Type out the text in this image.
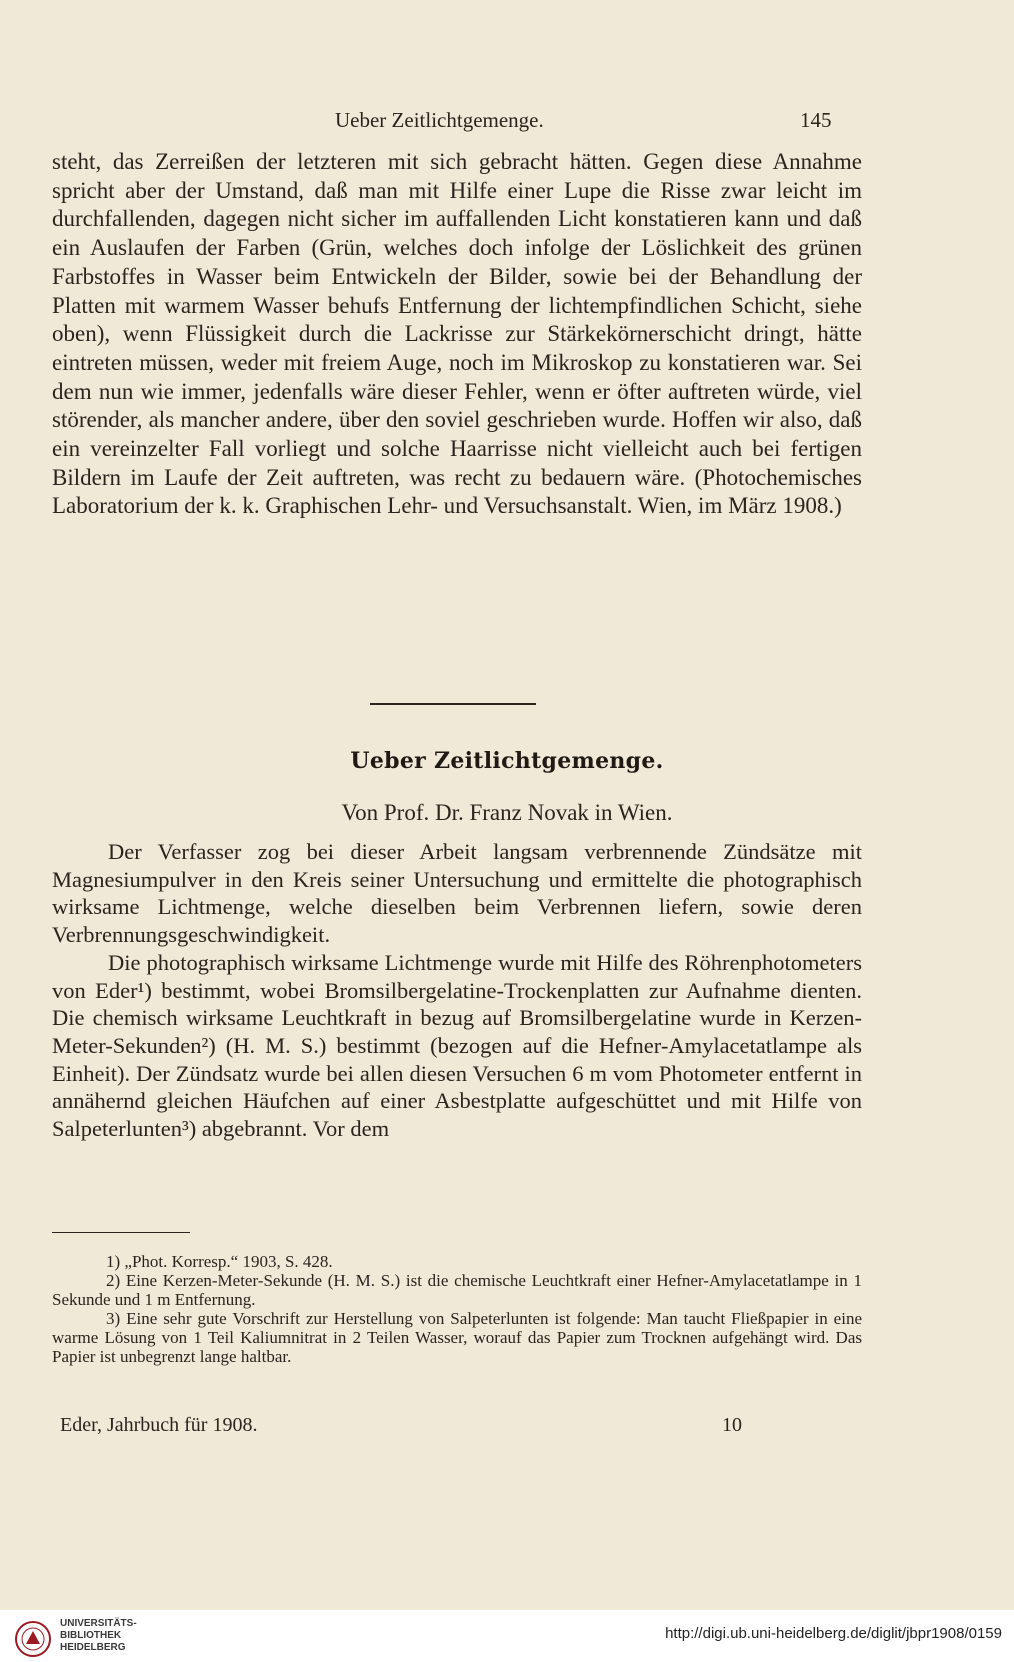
Ueber Zeitlichtgemenge.	145

steht, das Zerreißen der letzteren mit sich gebracht hätten. Gegen diese Annahme spricht aber der Umstand, daß man mit Hilfe einer Lupe die Risse zwar leicht im durchfallenden, dagegen nicht sicher im auffallenden Licht konstatieren kann und daß ein Auslaufen der Farben (Grün, welches doch infolge der Löslichkeit des grünen Farbstoffes in Wasser beim Entwickeln der Bilder, sowie bei der Behandlung der Platten mit warmem Wasser behufs Entfernung der lichtempfindlichen Schicht, siehe oben), wenn Flüssigkeit durch die Lackrisse zur Stärkekörnerschicht dringt, hätte eintreten müssen, weder mit freiem Auge, noch im Mikroskop zu konstatieren war. Sei dem nun wie immer, jedenfalls wäre dieser Fehler, wenn er öfter auftreten würde, viel störender, als mancher andere, über den soviel geschrieben wurde. Hoffen wir also, daß ein vereinzelter Fall vorliegt und solche Haarrisse nicht vielleicht auch bei fertigen Bildern im Laufe der Zeit auftreten, was recht zu bedauern wäre. (Photochemisches Laboratorium der k. k. Graphischen Lehr- und Versuchsanstalt. Wien, im März 1908.)

Ueber Zeitlichtgemenge.
Von Prof. Dr. Franz Novak in Wien.

Der Verfasser zog bei dieser Arbeit langsam verbrennende Zündsätze mit Magnesiumpulver in den Kreis seiner Untersuchung und ermittelte die photographisch wirksame Lichtmenge, welche dieselben beim Verbrennen liefern, sowie deren Verbrennungsgeschwindigkeit.

Die photographisch wirksame Lichtmenge wurde mit Hilfe des Röhrenphotometers von Eder¹) bestimmt, wobei Bromsilbergelatine-Trockenplatten zur Aufnahme dienten. Die chemisch wirksame Leuchtkraft in bezug auf Bromsilbergelatine wurde in Kerzen-Meter-Sekunden²) (H. M. S.) bestimmt (bezogen auf die Hefner-Amylacetatlampe als Einheit). Der Zündsatz wurde bei allen diesen Versuchen 6 m vom Photometer entfernt in annähernd gleichen Häufchen auf einer Asbestplatte aufgeschüttet und mit Hilfe von Salpeterlunten³) abgebrannt. Vor dem

1) „Phot. Korresp.“ 1903, S. 428.

2) Eine Kerzen-Meter-Sekunde (H. M. S.) ist die chemische Leuchtkraft einer Hefner-Amylacetatlampe in 1 Sekunde und 1 m Entfernung.

3) Eine sehr gute Vorschrift zur Herstellung von Salpeterlunten ist folgende: Man taucht Fließpapier in eine warme Lösung von 1 Teil Kaliumnitrat in 2 Teilen Wasser, worauf das Papier zum Trocknen aufgehängt wird. Das Papier ist unbegrenzt lange haltbar.

Eder, Jahrbuch für 1908.	10
UNIVERSITÄTS-
BIBLIOTHEK
HEIDELBERG
http://digi.ub.uni-heidelberg.de/diglit/jbpr1908/0159
